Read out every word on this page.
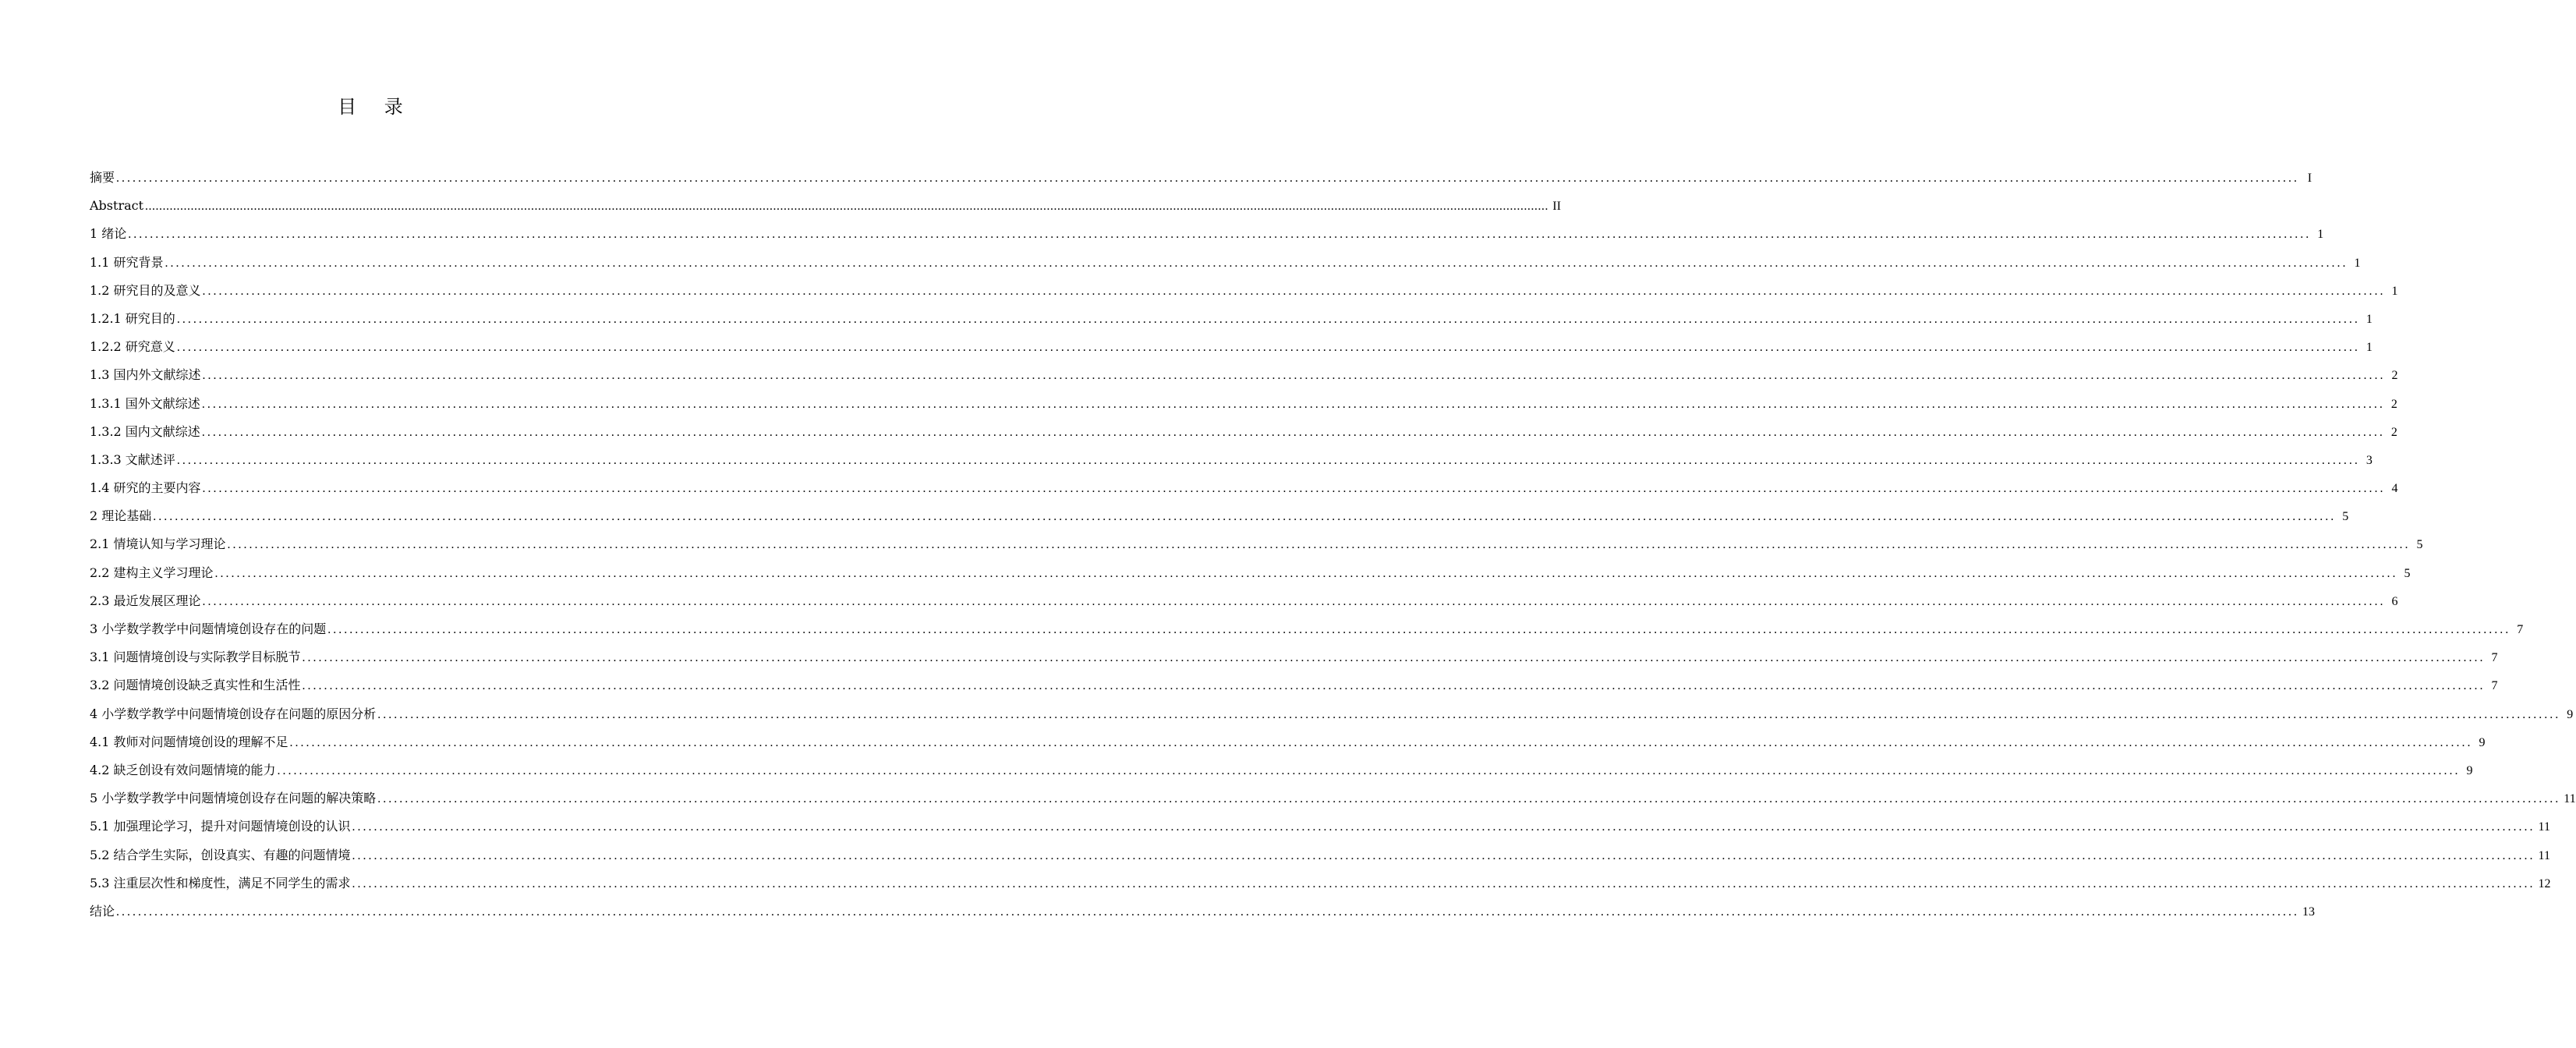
目 录
摘要 ................................................................................................................................................................................................................................................................................................................................................................................................................ I
Abstract ................................................................................................................................................................................................................................................................................................................................................................................................................ II
1 绪论 ................................................................................................................................................................................................................................................................................................................................................................................................................ 1
1.1 研究背景 ................................................................................................................................................................................................................................................................................................................................................................................................................ 1
1.2 研究目的及意义 ................................................................................................................................................................................................................................................................................................................................................................................................................ 1
1.2.1 研究目的 ................................................................................................................................................................................................................................................................................................................................................................................................................ 1
1.2.2 研究意义 ................................................................................................................................................................................................................................................................................................................................................................................................................ 1
1.3 国内外文献综述 ................................................................................................................................................................................................................................................................................................................................................................................................................ 2
1.3.1 国外文献综述 ................................................................................................................................................................................................................................................................................................................................................................................................................ 2
1.3.2 国内文献综述 ................................................................................................................................................................................................................................................................................................................................................................................................................ 2
1.3.3 文献述评 ................................................................................................................................................................................................................................................................................................................................................................................................................ 3
1.4 研究的主要内容 ................................................................................................................................................................................................................................................................................................................................................................................................................ 4
2 理论基础 ................................................................................................................................................................................................................................................................................................................................................................................................................ 5
2.1 情境认知与学习理论 ................................................................................................................................................................................................................................................................................................................................................................................................................ 5
2.2 建构主义学习理论 ................................................................................................................................................................................................................................................................................................................................................................................................................ 5
2.3 最近发展区理论 ................................................................................................................................................................................................................................................................................................................................................................................................................ 6
3 小学数学教学中问题情境创设存在的问题 ................................................................................................................................................................................................................................................................................................................................................................................................................ 7
3.1 问题情境创设与实际教学目标脱节 ................................................................................................................................................................................................................................................................................................................................................................................................................ 7
3.2 问题情境创设缺乏真实性和生活性 ................................................................................................................................................................................................................................................................................................................................................................................................................ 7
4 小学数学教学中问题情境创设存在问题的原因分析 ................................................................................................................................................................................................................................................................................................................................................................................................................ 9
4.1 教师对问题情境创设的理解不足 ................................................................................................................................................................................................................................................................................................................................................................................................................ 9
4.2 缺乏创设有效问题情境的能力 ................................................................................................................................................................................................................................................................................................................................................................................................................ 9
5 小学数学教学中问题情境创设存在问题的解决策略 ................................................................................................................................................................................................................................................................................................................................................................................................................ 11
5.1 加强理论学习，提升对问题情境创设的认识 ................................................................................................................................................................................................................................................................................................................................................................................................................ 11
5.2 结合学生实际，创设真实、有趣的问题情境 ................................................................................................................................................................................................................................................................................................................................................................................................................ 11
5.3 注重层次性和梯度性，满足不同学生的需求 ................................................................................................................................................................................................................................................................................................................................................................................................................ 12
结论 ................................................................................................................................................................................................................................................................................................................................................................................................................ 13
